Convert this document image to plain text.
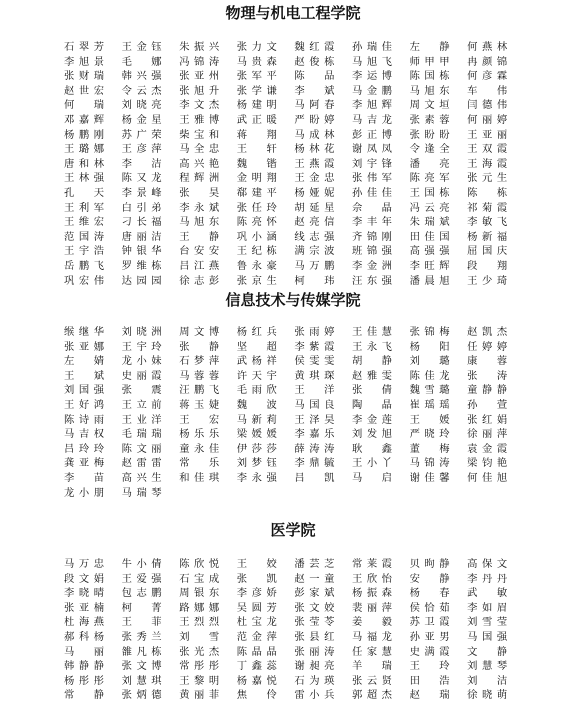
物理与机电工程学院
石 翠 芳 王 金 钰 朱 振 兴 张 力 文 魏 红 霞 孙 瑞 佳 左 静 何 燕 林
李 旭 景 毛 娜 冯 锦 涛 马 贵 森 赵 俊 栋 马 旭 飞 师 甲 甲 冉 颜 锦
张 财 瑞 韩 兴 强 张 亚 州 张 军 平 陈 品 李 运 博 陈 国 栋 何 彦 霖
赵 世 宏 令 云 杰 张 旭 升 张 学 谦 李 斌 马 金 鹏 马 旭 东 车 伟
何 瑞 刘 晓 亮 李 文 杰 杨 建 明 马 阿 春 李 旭 辉 周 文 垣 闫 德 伟
邓 嘉 辉 杨 金 星 王 雅 博 武 正 暖 严 盼 婷 马 吉 龙 张 素 蓉 何 丽 婷
杨 鹏 刚 苏 广 荣 柴 宝 和 蒋 翔 马 成 林 彭 正 博 张 盼 盼 王 亚 丽
王 璐 娜 王 彦 萍 马 全 忠 王 轩 杨 林 花 谢 凤 凤 令 逢 全 王 双 霞
唐 和 林 李 洁 高 兴 艳 魏 锴 王 燕 霞 刘 宇 锋 潘 亮 王 海 霞
王 林 强 陈 又 龙 程 辉 洲 金 明 翔 王 金 忠 张 伟 军 陈 亮 军 张 元 生
孔 天 李 景 峰 张 昊 郗 建 平 杨 娅 妮 孙 佳 佳 王 国 栋 陈 栋
王 利 军 白 引 弟 李 永 斌 张 任 玲 胡 延 星 佘 晶 冯 云 亮 祁 菊 霞
王 维 宏 刁 长 福 马 旭 东 陈 亮 怀 赵 亮 信 李 丰 年 朱 瑞 斌 李 敏 飞
范 国 涛 唐 丽 洁 王 静 巩 小 涵 线 志 强 齐 锦 刚 田 佳 国 杨 新 福
王 宇 浩 钟 银 华 台 安 安 王 纪 栋 满 宗 波 班 锦 强 高 强 强 屈 国 庆
岳 鹏 飞 罗 维 栋 吕 江 燕 鲁 永 豪 马 万 鹏 李 金 洲 李 旺 辉 段 翔
巩 宏 伟 达 园 园 徐 志 彭 张 京 生 柯 玮 汪 东 强 潘 晨 旭 王 少 琦
信息技术与传媒学院
缑 继 华 刘 晓 洲 周 文 博 杨 红 兵 张 雨 婷 王 佳 慧 张 锦 梅 赵 凯 杰
张 亚 娜 王 宇 玲 张 静 坚 超 李 紫 霞 王 永 飞 杨 阳 任 婷 婷
左 婧 龙 小 妹 石 梦 萍 武 杨 祥 侯 雯 雯 胡 静 刘 璐 康 蓉
王 斌 史 丽 霞 马 蓉 蓉 许 天 宇 黄 琪 琛 赵 雅 雯 陈 佳 龙 张 涛
刘 国 强 张 震 汪 鹏 飞 毛 雨 欣 王 洋 张 倩 魏 雪 璐 童 静 静
王 好 鸿 王 立 前 蒋 玉 婕 魏 波 马 国 良 陶 晶 崔 瑶 瑶 孙 萱
陈 诗 雨 王 业 洋 王 宏 马 新 莉 王 泽 昊 李 金 莲 王 媛 张 红 娟
马 吉 权 毛 瑞 瑞 杨 乐 乐 梁 媛 媛 李 嘉 乐 刘 发 旭 严 晓 玲 徐 丽 萍
吕 玲 玲 陈 文 丽 童 永 佳 伊 莎 莎 薛 涛 涛 耿 鑫 董 梅 袁 金 霞
龚 亚 梅 赵 雷 雷 常 乐 刘 梦 钰 李 鼎 毓 王 小 丫 马 锦 涛 梁 钧 艳
李 苗 高 兴 生 和 佳 琪 李 永 强 吕 凯 马 启 谢 佳 馨 何 佳 旭
龙 小 朋 马 瑞 琴
医学院
马 万 忠 牛 小 倩 陈 欣 悦 王 姣 潘 芸 芝 常 莱 霞 贝 昫 静 高 保 文
段 文 娟 王 爱 强 石 宝 成 张 凯 赵 一 童 王 欣 怡 安 静 李 丹 丹
李 晓 晴 包 志 鹏 周 银 东 李 彦 娇 彭 家 斌 杨 振 森 杨 春 武 敏
张 亚 楠 柯 菁 路 娜 娜 吴 圆 芳 张 文 姣 裴 丽 萍 侯 恰 茹 李 如 眉
杜 海 燕 王 菲 王 烈 烈 杜 宝 龙 张 莹 苓 姜 毅 苏 卫 霞 刘 雪 莹
郝 科 杨 张 秀 兰 刘 雪 范 金 萍 张 县 红 马 福 龙 孙 亚 男 马 国 强
马 丽 雒 凡 栋 张 光 杰 陈 晶 晶 张 丽 涛 任 家 慧 史 满 霞 文 静
韩 静 静 张 文 博 常 彤 彤 丁 鑫 蕊 谢 昶 亮 羊 瑞 王 玲 刘 慧 琴
杨 彤 彤 刘 慧 琪 王 黎 明 杨 嘉 悦 石 为 瑛 张 云 贤 田 浩 刘 洁
常 静 张 炳 德 黄 丽 菲 焦 伶 雷 小 兵 郭 超 杰 赵 瑞 徐 晓 萌
